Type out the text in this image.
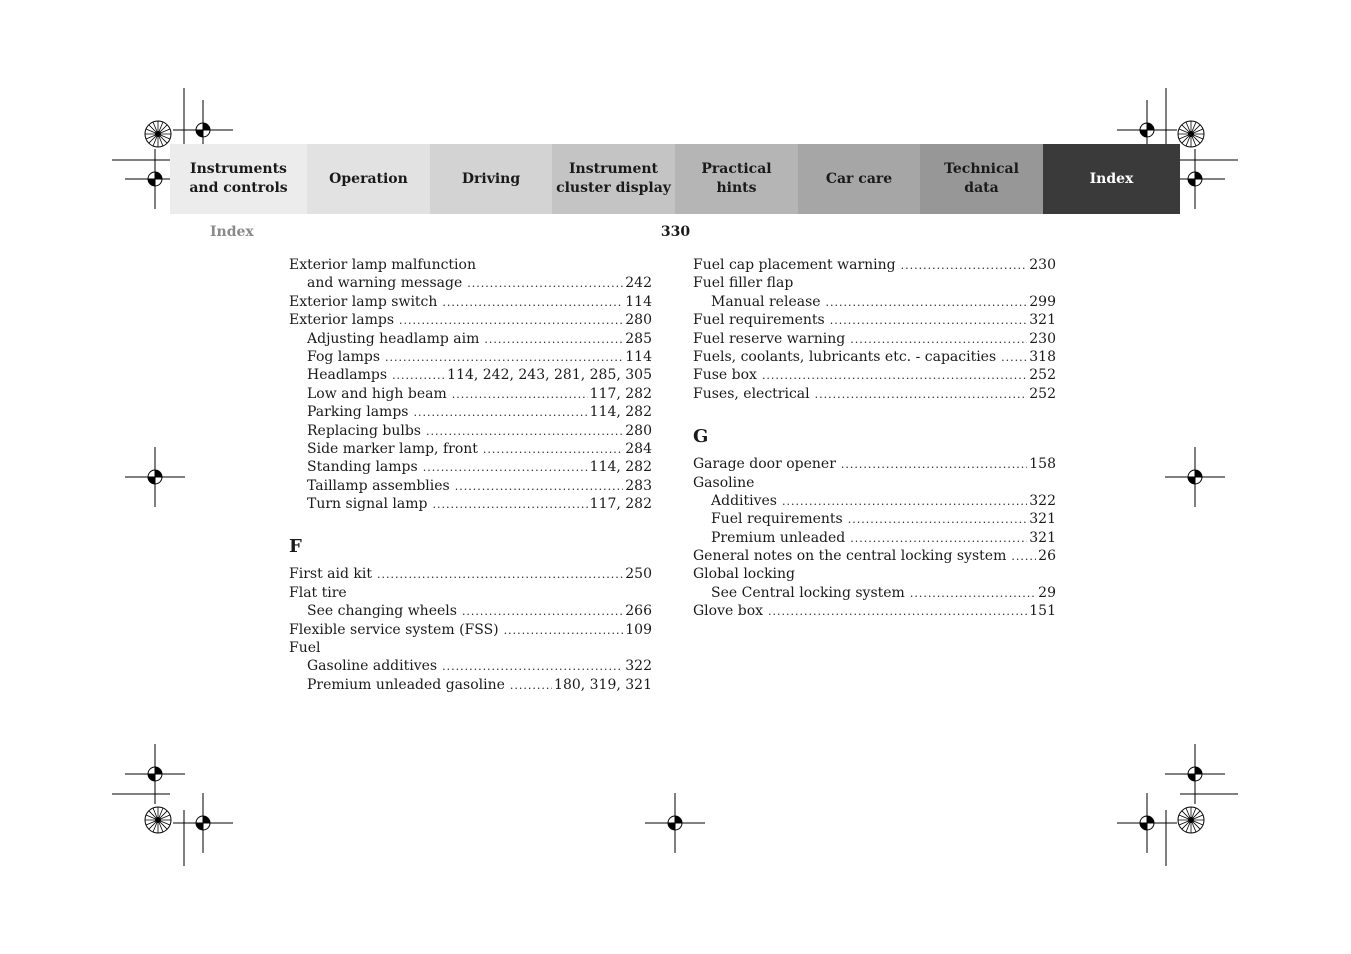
Instruments
and controls
Operation	Driving
Instrument
cluster display
Practical hints
Car care
Technical
data
Index
Index	330
Exterior lamp malfunction
and warning message .....	242
Exterior lamp switch .....	114
Exterior lamps .....	280
Adjusting headlamp aim .....	285
Fog lamps .....	114
Headlamps .....	114, 242, 243, 281, 285, 305
Low and high beam .....	117, 282
Parking lamps .....	114, 282
Replacing bulbs .....	280
Side marker lamp, front .....	284
Standing lamps .....	114, 282
Taillamp assemblies .....	283
Turn signal lamp .....	117, 282
F
First aid kit .....	250
Flat tire
See changing wheels .....	266
Flexible service system (FSS) .....	109
Fuel
Gasoline additives .....	322
Premium unleaded gasoline .....	180, 319, 321
Fuel cap placement warning .....	230
Fuel filler flap
Manual release .....	299
Fuel requirements .....	321
Fuel reserve warning .....	230
Fuels, coolants, lubricants etc. - capacities ..... 318
Fuse box .....	252
Fuses, electrical .....	252
G
Garage door opener .....	158
Gasoline
Additives .....	322
Fuel requirements .....	321
Premium unleaded .....	321
General notes on the central locking system ..... 26
Global locking
See Central locking system .....	29
Glove box .....	151
